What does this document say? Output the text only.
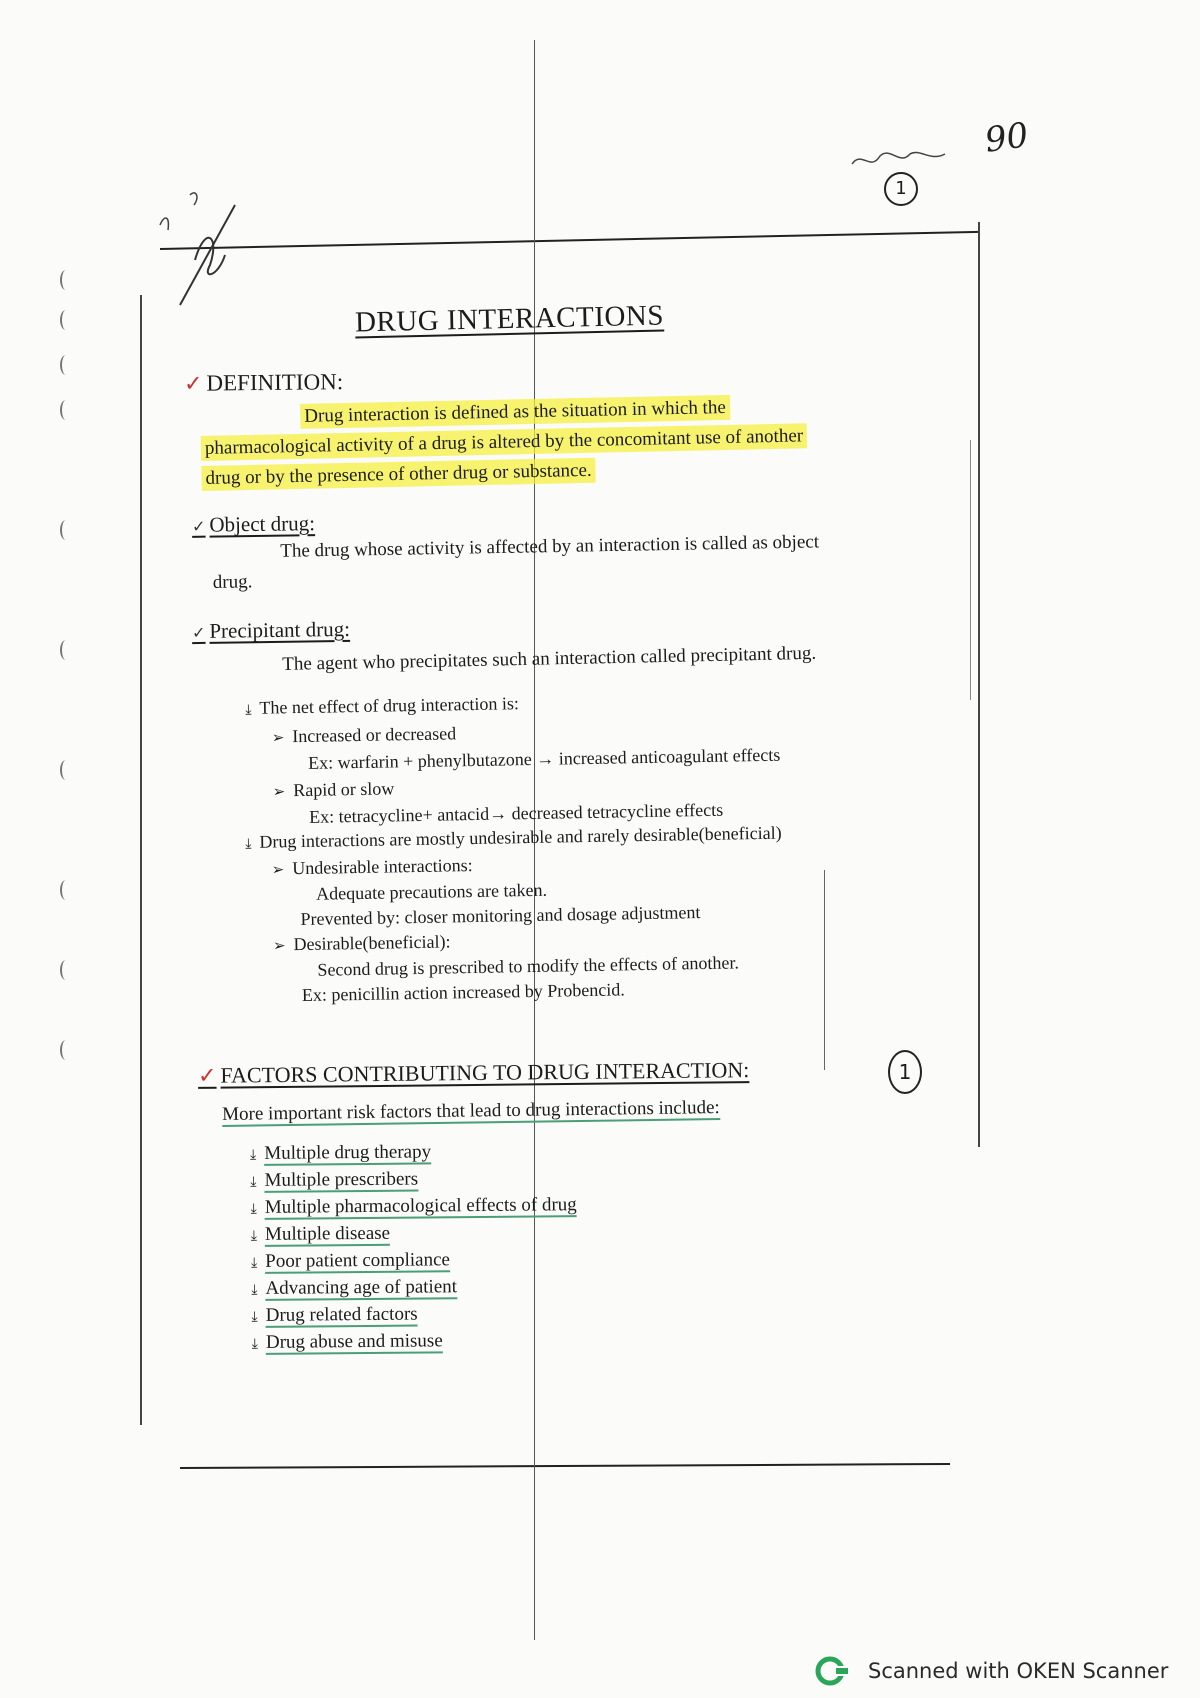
90
1
DRUG INTERACTIONS
✓ DEFINITION:
Drug interaction is defined as the situation in which the
pharmacological activity of a drug is altered by the concomitant use of another
drug or by the presence of other drug or substance.
✓ Object drug:
The drug whose activity is affected by an interaction is called as object
drug.
✓ Precipitant drug:
The agent who precipitates such an interaction called precipitant drug.
⤓ The net effect of drug interaction is:
➢ Increased or decreased
Ex: warfarin + phenylbutazone → increased anticoagulant effects
➢ Rapid or slow
Ex: tetracycline+ antacid→ decreased tetracycline effects
⤓ Drug interactions are mostly undesirable and rarely desirable(beneficial)
➢ Undesirable interactions:
Adequate precautions are taken.
Prevented by: closer monitoring and dosage adjustment
➢ Desirable(beneficial):
Second drug is prescribed to modify the effects of another.
Ex: penicillin action increased by Probencid.
✓ FACTORS CONTRIBUTING TO DRUG INTERACTION:	1
More important risk factors that lead to drug interactions include:
⤓ Multiple drug therapy
⤓ Multiple prescribers
⤓ Multiple pharmacological effects of drug
⤓ Multiple disease
⤓ Poor patient compliance
⤓ Advancing age of patient
⤓ Drug related factors
⤓ Drug abuse and misuse
Scanned with OKEN Scanner
